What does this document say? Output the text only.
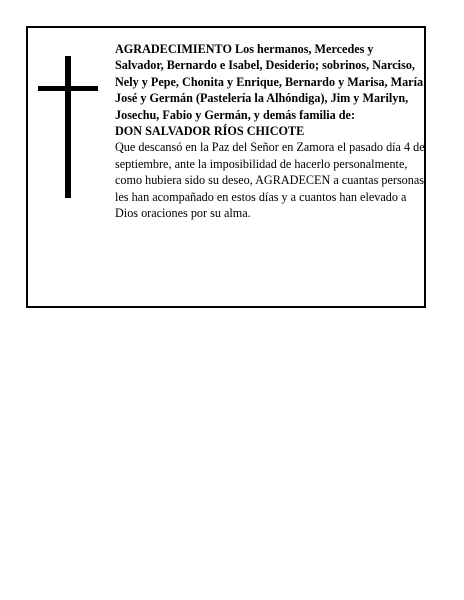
AGRADECIMIENTO Los hermanos, Mercedes y Salvador, Bernardo e Isabel, Desiderio; sobrinos, Narciso, Nely y Pepe, Chonita y Enrique, Bernardo y Marisa, María José y Germán (Pastelería la Alhóndiga), Jim y Marilyn, Josechu, Fabio y Germán, y demás familia de:

DON SALVADOR RÍOS CHICOTE

Que descansó en la Paz del Señor en Zamora el pasado día 4 de septiembre, ante la imposibilidad de hacerlo personalmente, como hubiera sido su deseo, AGRADECEN a cuantas personas les han acompañado en estos días y a cuantos han elevado a Dios oraciones por su alma.
